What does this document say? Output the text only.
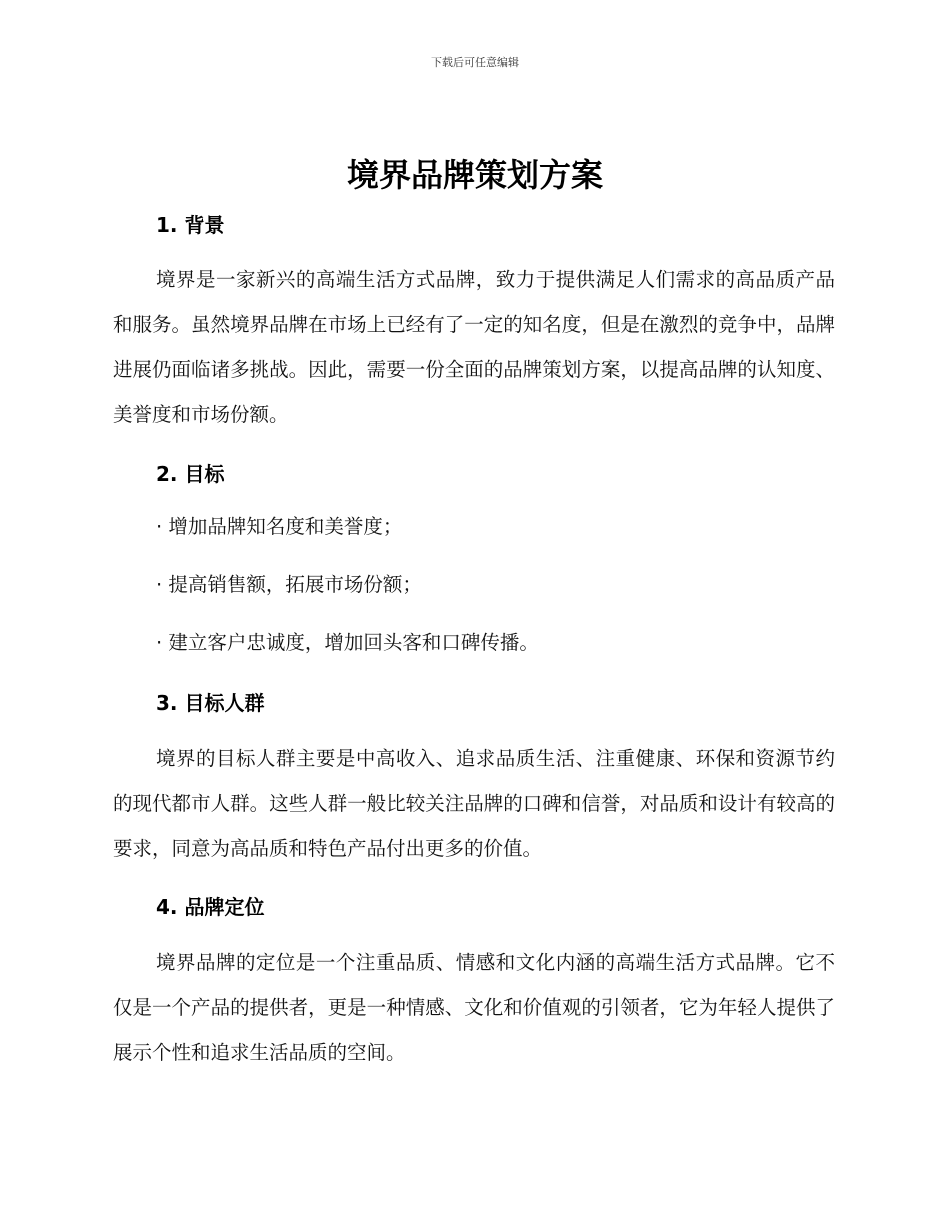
下载后可任意编辑
境界品牌策划方案
1. 背景

境界是一家新兴的高端生活方式品牌，致力于提供满足人们需求的高品质产品和服务。虽然境界品牌在市场上已经有了一定的知名度，但是在激烈的竞争中，品牌进展仍面临诸多挑战。因此，需要一份全面的品牌策划方案，以提高品牌的认知度、美誉度和市场份额。

2. 目标
· 增加品牌知名度和美誉度；
· 提高销售额，拓展市场份额；
· 建立客户忠诚度，增加回头客和口碑传播。
3. 目标人群

境界的目标人群主要是中高收入、追求品质生活、注重健康、环保和资源节约的现代都市人群。这些人群一般比较关注品牌的口碑和信誉，对品质和设计有较高的要求，同意为高品质和特色产品付出更多的价值。

4. 品牌定位

境界品牌的定位是一个注重品质、情感和文化内涵的高端生活方式品牌。它不仅是一个产品的提供者，更是一种情感、文化和价值观的引领者，它为年轻人提供了展示个性和追求生活品质的空间。
